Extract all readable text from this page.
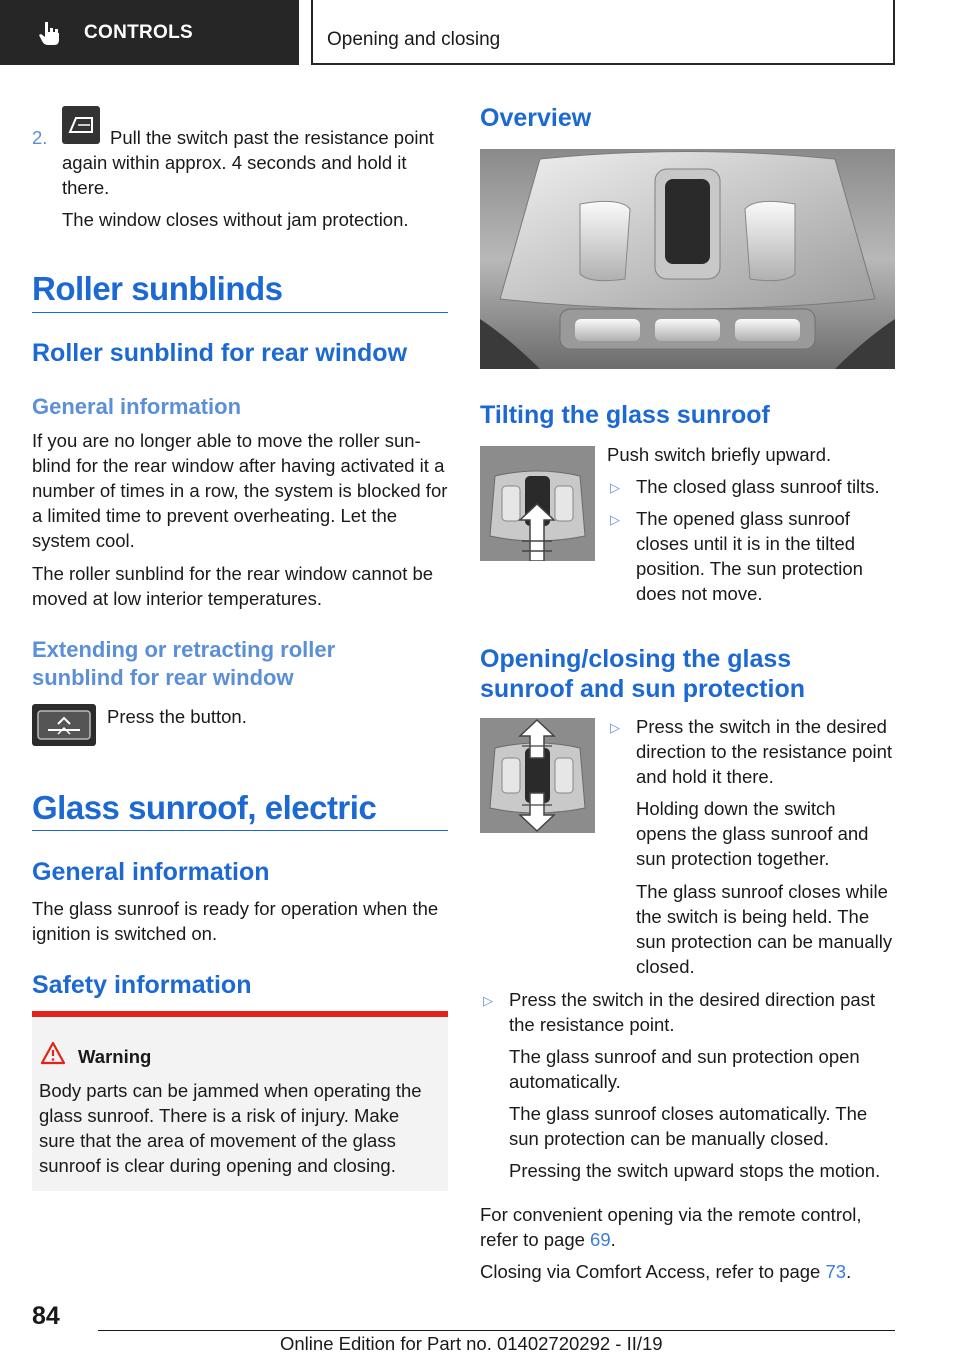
CONTROLS	Opening and closing
2.	Pull the switch past the resistance point again within approx. 4 seconds and hold it there.
The window closes without jam protection.
Roller sunblinds
Roller sunblind for rear window
General information
If you are no longer able to move the roller sun-blind for the rear window after having activated it a number of times in a row, the system is blocked for a limited time to prevent overheating. Let the system cool.
The roller sunblind for the rear window cannot be moved at low interior temperatures.
Extending or retracting roller sunblind for rear window
Press the button.
Glass sunroof, electric
General information
The glass sunroof is ready for operation when the ignition is switched on.
Safety information
Warning
Body parts can be jammed when operating the glass sunroof. There is a risk of injury. Make sure that the area of movement of the glass sunroof is clear during opening and closing.
Overview
Tilting the glass sunroof
Push switch briefly upward.
▷ The closed glass sunroof tilts.
▷ The opened glass sunroof closes until it is in the tilted position. The sun protection does not move.
Opening/closing the glass sunroof and sun protection
▷ Press the switch in the desired direction to the resistance point and hold it there.
Holding down the switch opens the glass sunroof and sun protection together.
The glass sunroof closes while the switch is being held. The sun protection can be manually closed.
▷ Press the switch in the desired direction past the resistance point.
The glass sunroof and sun protection open automatically.
The glass sunroof closes automatically. The sun protection can be manually closed.
Pressing the switch upward stops the motion.
For convenient opening via the remote control, refer to page 69.
Closing via Comfort Access, refer to page 73.
84
Online Edition for Part no. 01402720292 - II/19
